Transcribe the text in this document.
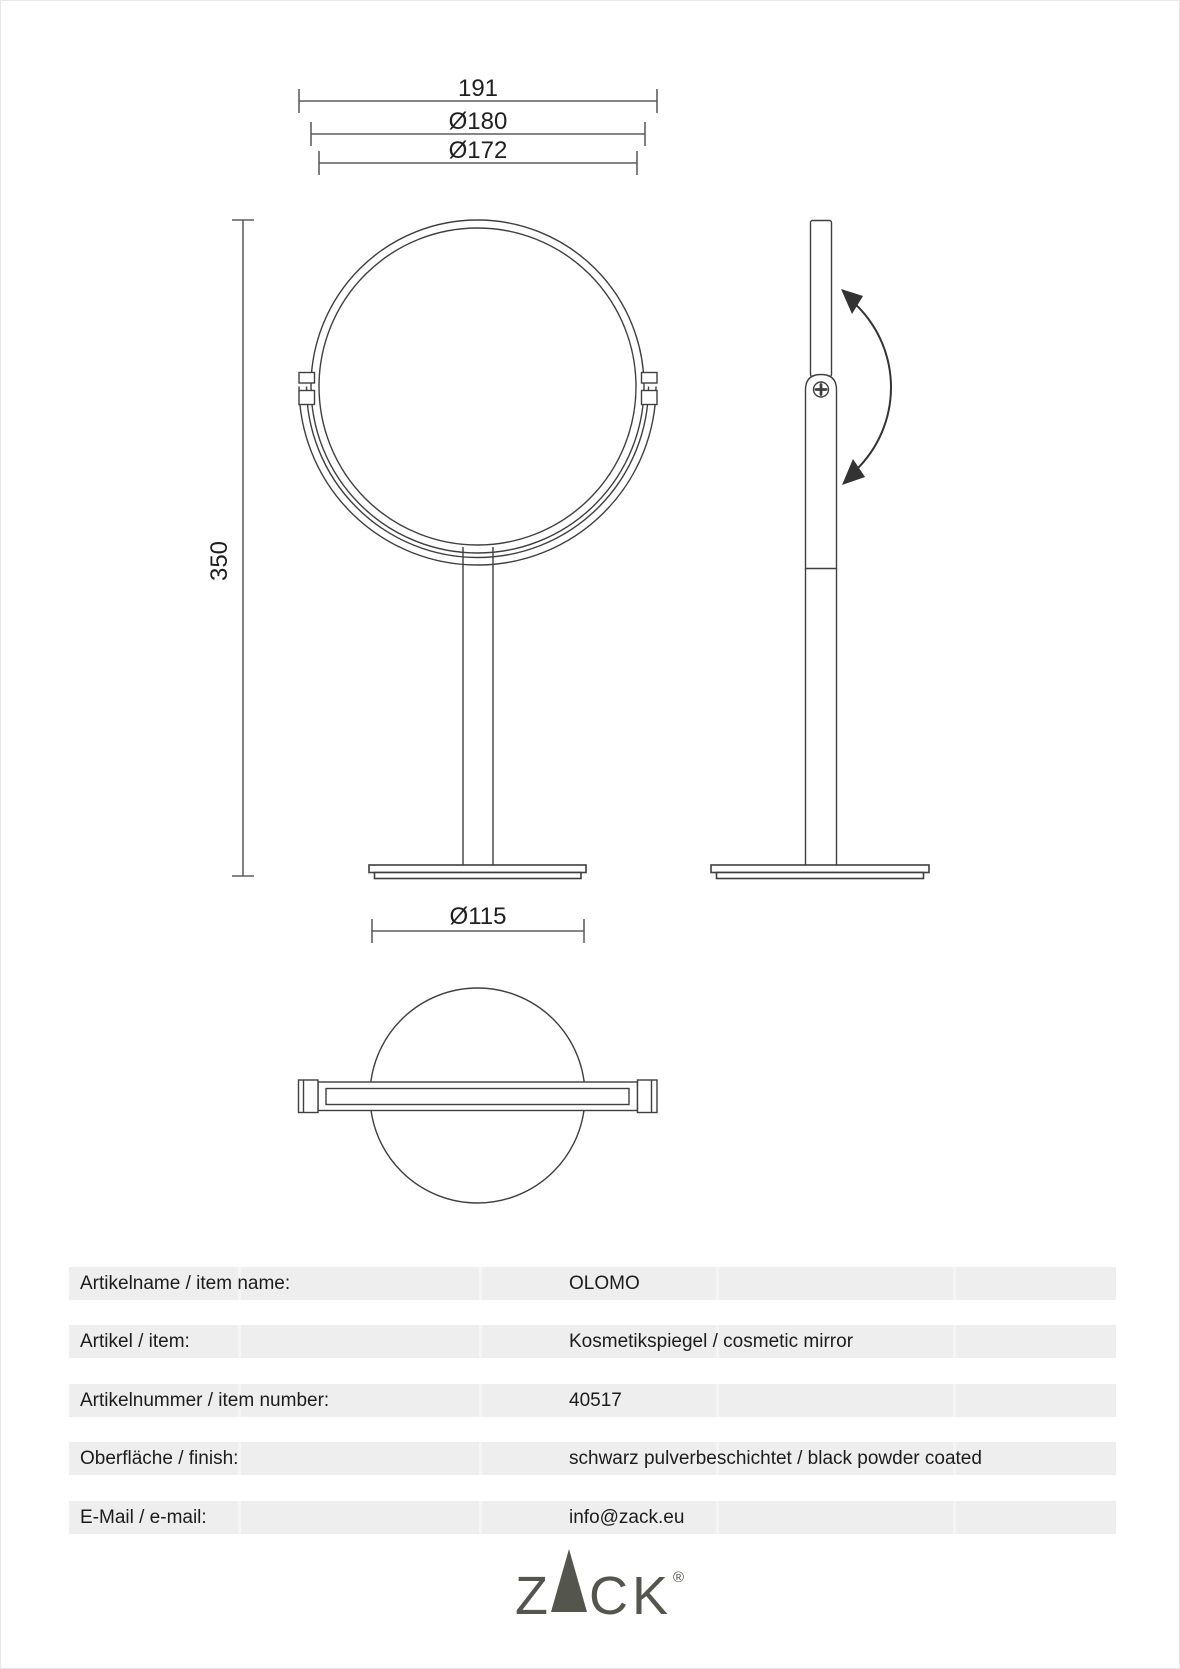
191
Ø180
Ø172
350
Ø115
Artikelname / item name:	OLOMO
Artikel / item:	Kosmetikspiegel / cosmetic mirror
Artikelnummer / item number:	40517
Oberfläche / finish:	schwarz pulverbeschichtet / black powder coated
E-Mail / e-mail:	info@zack.eu
Z CK ®
